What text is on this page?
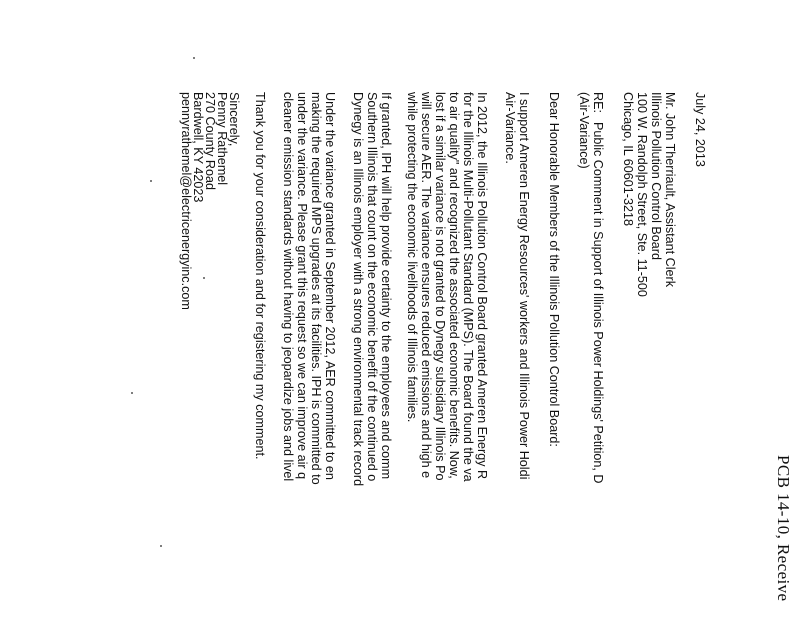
PCB 14-10, Receive
July 24, 2013
Mr. John Therriault, Assistant Clerk
Illinois Pollution Control Board
100 W. Randolph Street, Ste. 11-500
Chicago, IL 60601-3218
RE:
Public Comment in Support of Illinois Power Holdings' Petition, D
(Air-Variance)
Dear Honorable Members of the Illinois Pollution Control Board:
I support Ameren Energy Resources' workers and Illinois Power Holdi
Air-Variance.
In 2012, the Illinois Pollution Control Board granted Ameren Energy R
for the Illinois Multi-Pollutant Standard (MPS). The Board found the va
to air quality" and recognized the associated economic benefits. Now,
lost if a similar variance is not granted to Dynegy subsidiary Illinois Po
will secure AER. The variance ensures reduced emissions and high e
while protecting the economic livelihoods of Illinois families.
If granted, IPH will help provide certainty to the employees and comm
Southern Illinois that count on the economic benefit of the continued o
Dynegy is an Illinois employer with a strong environmental track record
Under the variance granted in September 2012, AER committed to en
making the required MPS upgrades at its facilities. IPH is committed to
under the variance. Please grant this request so we can improve air q
cleaner emission standards without having to jeopardize jobs and livel
Thank you for your consideration and for registering my comment.
Sincerely,
Penny Rathemel
270 County Road
Bardwell, KY 42023
pennyrathemel@electricenergyinc.com
